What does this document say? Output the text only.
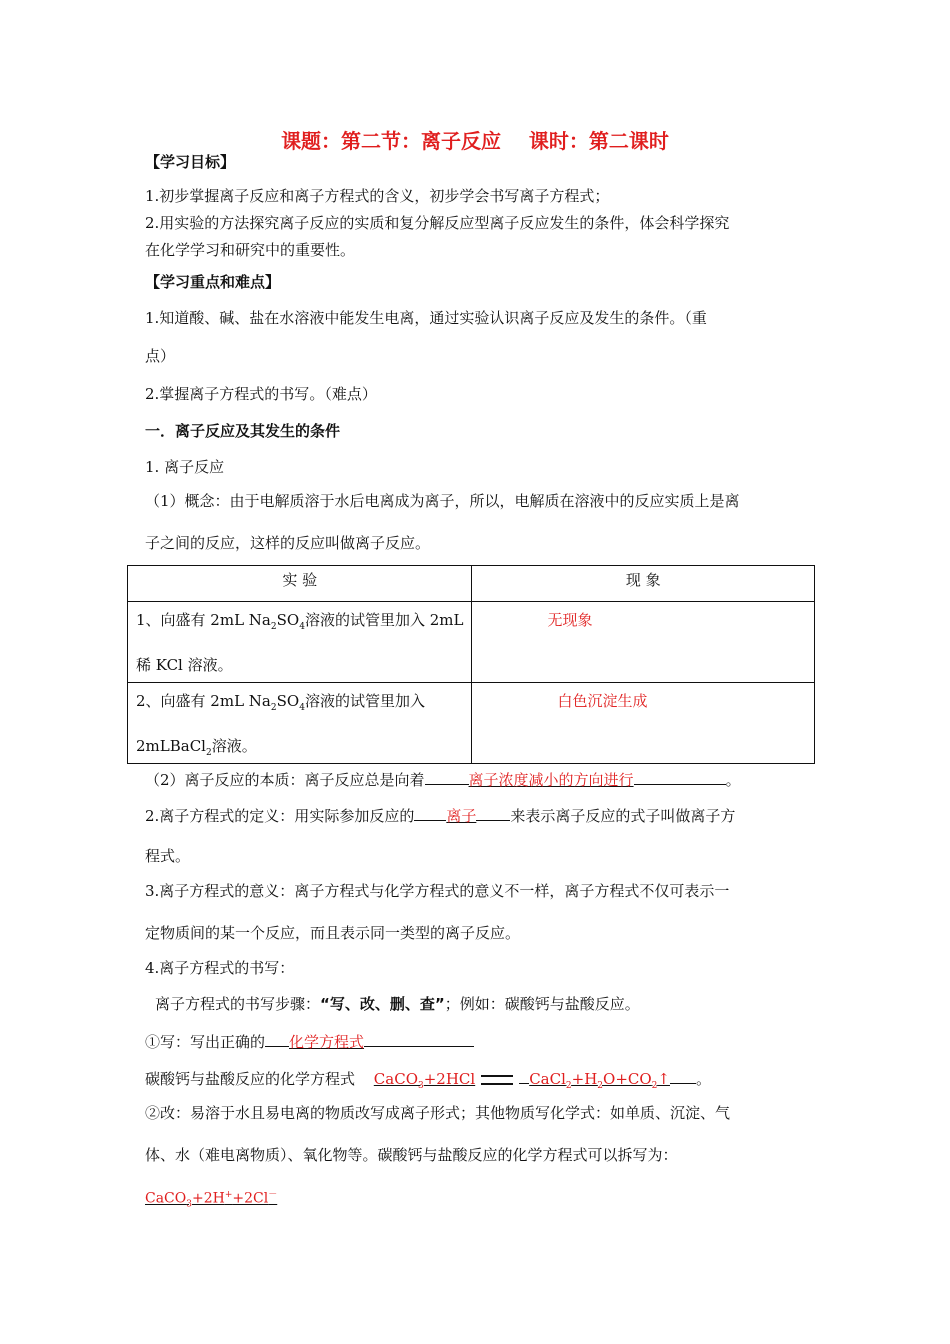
课题：第二节：离子反应    课时：第二课时
【学习目标】
1.初步掌握离子反应和离子方程式的含义，初步学会书写离子方程式；
2.用实验的方法探究离子反应的实质和复分解反应型离子反应发生的条件，体会科学探究
在化学学习和研究中的重要性。
【学习重点和难点】
1.知道酸、碱、盐在水溶液中能发生电离，通过实验认识离子反应及发生的条件。（重
点）
2.掌握离子方程式的书写。（难点）
一．离子反应及其发生的条件
1. 离子反应
（1）概念：由于电解质溶于水后电离成为离子，所以，电解质在溶液中的反应实质上是离
子之间的反应，这样的反应叫做离子反应。
实 验	现 象

1、向盛有 2mL $Na_2SO_4$溶液的试管里加入 2mL
稀 KCl 溶液。	无现象

2、向盛有 2mL $Na_2SO_4$溶液的试管里加入
2mLBaCl$_2$溶液。	白色沉淀生成
（2）离子反应的本质：离子反应总是向着	离子浓度减小的方向进行	。
2.离子方程式的定义：用实际参加反应的 离子 来表示离子反应的式子叫做离子方
程式。
3.离子方程式的意义：离子方程式与化学方程式的意义不一样，离子方程式不仅可表示一
定物质间的某一个反应，而且表示同一类型的离子反应。
4.离子方程式的书写：
离子方程式的书写步骤：“写、改、删、查”；例如：碳酸钙与盐酸反应。
①写：写出正确的 化学方程式
碳酸钙与盐酸反应的化学方程式 CaCO$_3$+2HCl	$CaCl_2+H_2O+CO_2↑$ 。
②改：易溶于水且易电离的物质改写成离子形式；其他物质写化学式：如单质、沉淀、气
体、水（难电离物质）、氧化物等。碳酸钙与盐酸反应的化学方程式可以拆写为：
CaCO$_3$+2H++2Cl－
